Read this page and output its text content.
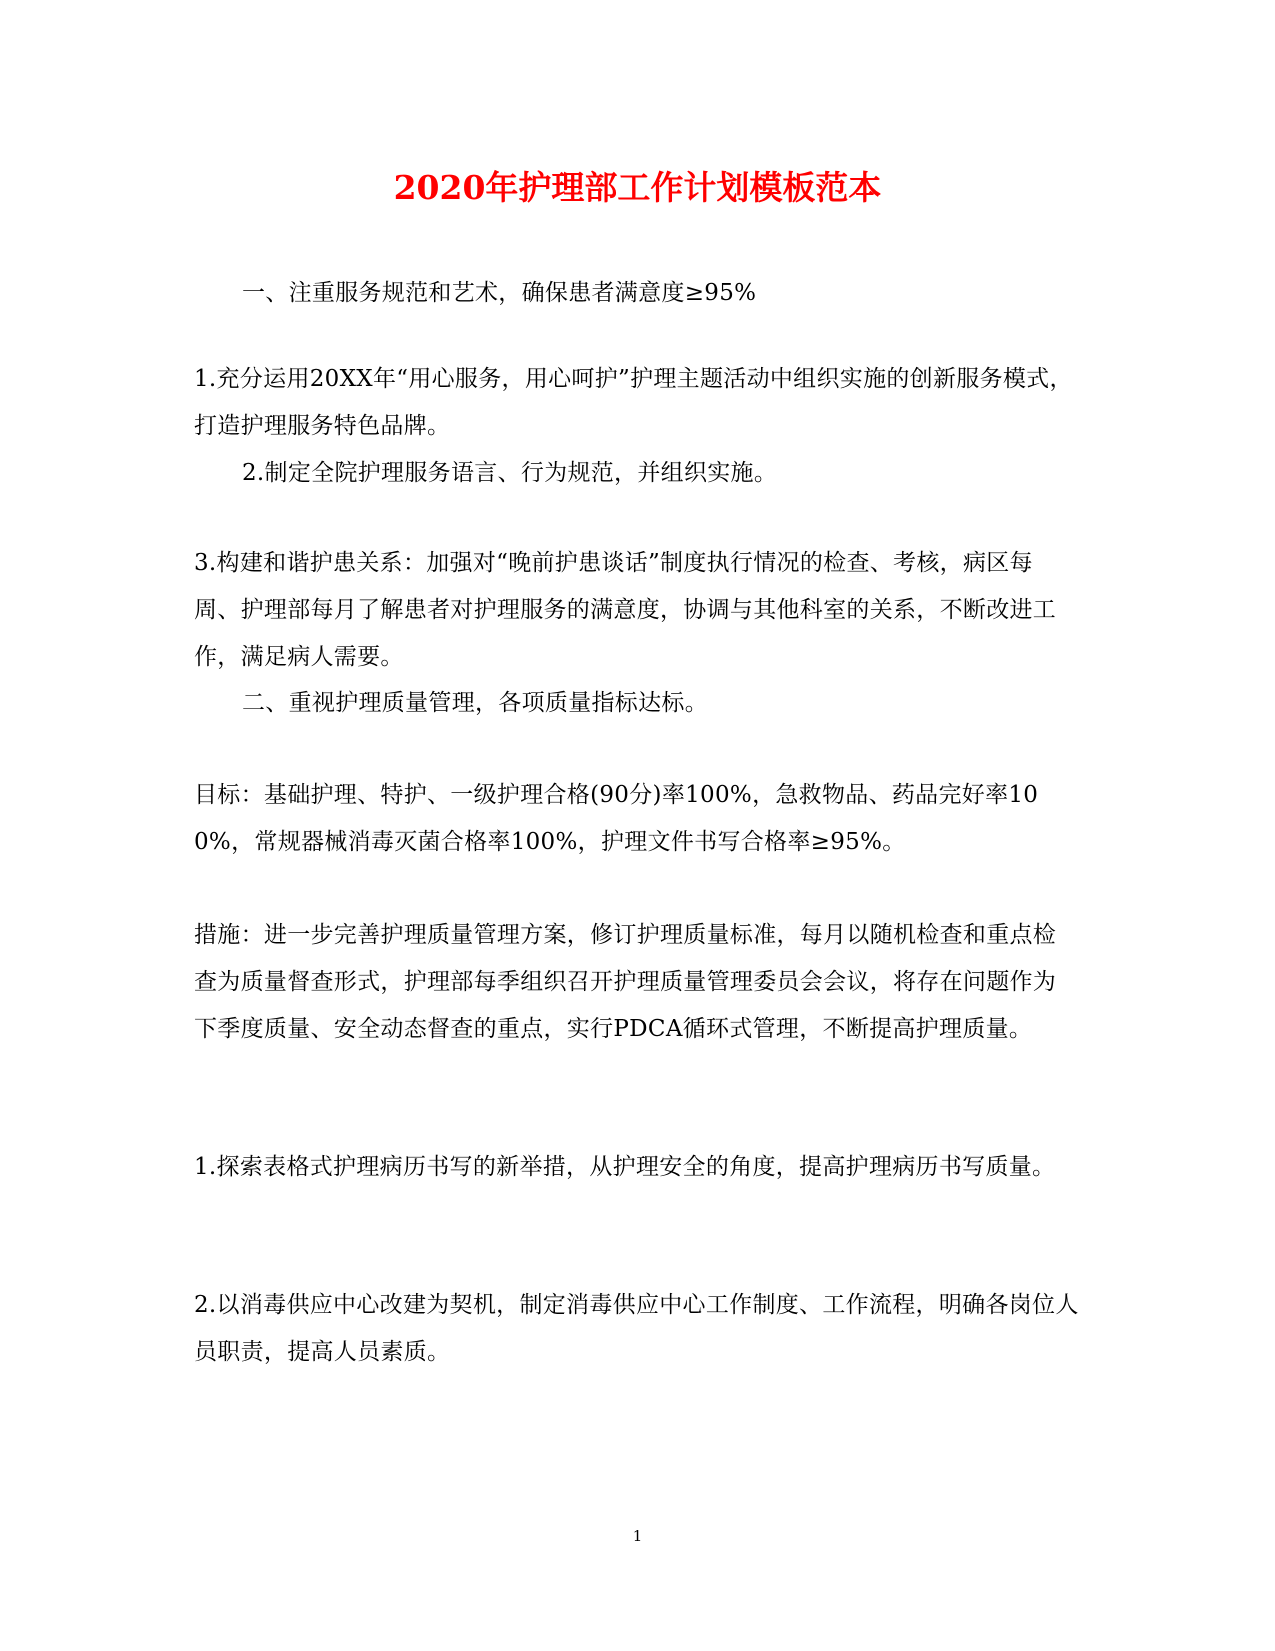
2020年护理部工作计划模板范本

一、注重服务规范和艺术，确保患者满意度≥95%

1.充分运用20XX年“用心服务，用心呵护”护理主题活动中组织实施的创新服务模式，打造护理服务特色品牌。

2.制定全院护理服务语言、行为规范，并组织实施。

3.构建和谐护患关系：加强对“晚前护患谈话”制度执行情况的检查、考核，病区每周、护理部每月了解患者对护理服务的满意度，协调与其他科室的关系，不断改进工作，满足病人需要。

二、重视护理质量管理，各项质量指标达标。

目标：基础护理、特护、一级护理合格(90分)率100%，急救物品、药品完好率100%，常规器械消毒灭菌合格率100%，护理文件书写合格率≥95%。

措施：进一步完善护理质量管理方案，修订护理质量标准，每月以随机检查和重点检查为质量督查形式，护理部每季组织召开护理质量管理委员会会议，将存在问题作为下季度质量、安全动态督查的重点，实行PDCA循环式管理，不断提高护理质量。

1.探索表格式护理病历书写的新举措，从护理安全的角度，提高护理病历书写质量。

2.以消毒供应中心改建为契机，制定消毒供应中心工作制度、工作流程，明确各岗位人员职责，提高人员素质。

1
